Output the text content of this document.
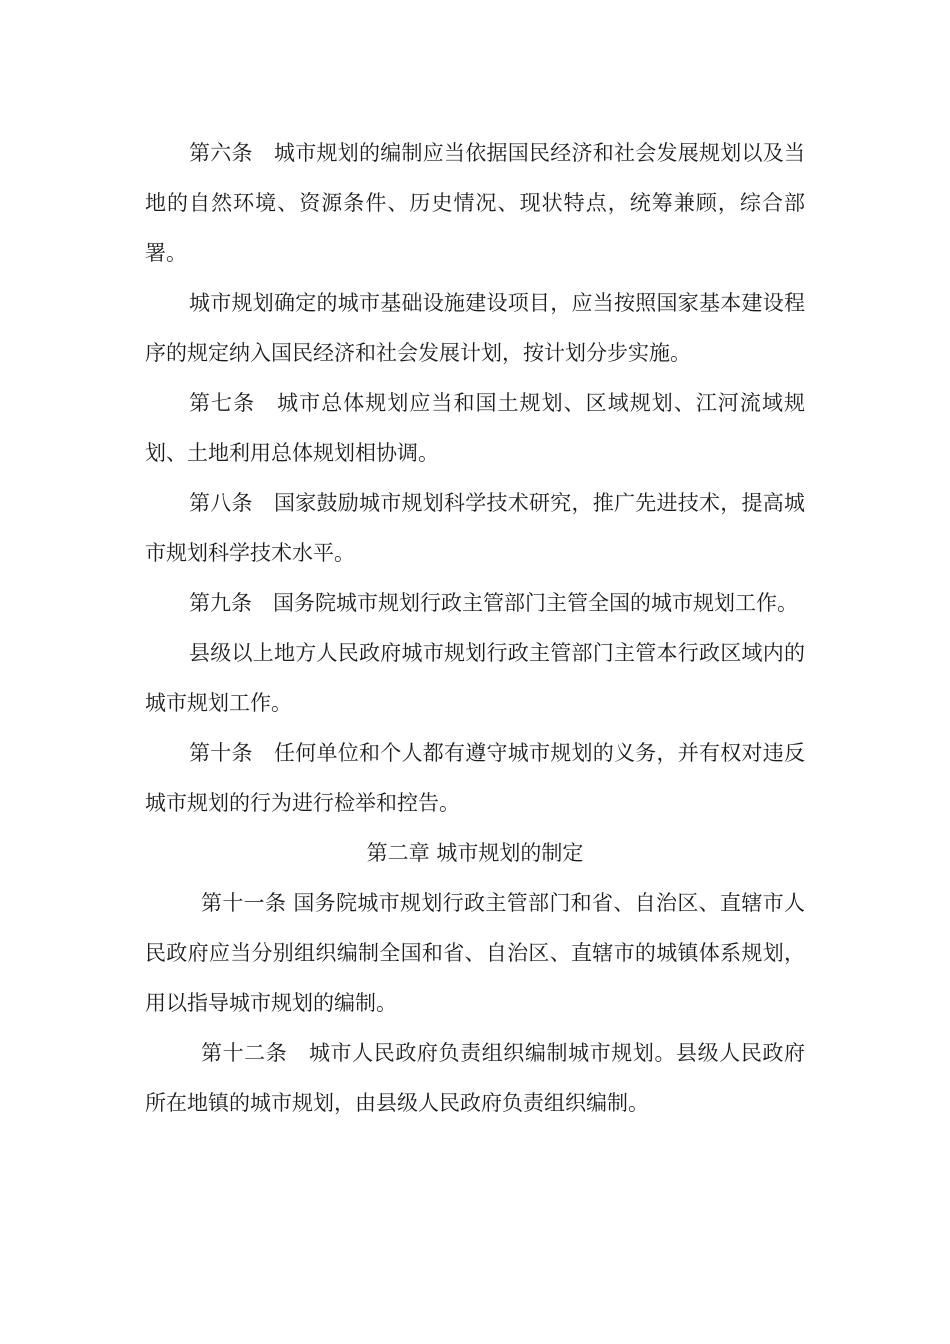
第六条　城市规划的编制应当依据国民经济和社会发展规划以及当地的自然环境、资源条件、历史情况、现状特点，统筹兼顾，综合部署。

城市规划确定的城市基础设施建设项目，应当按照国家基本建设程序的规定纳入国民经济和社会发展计划，按计划分步实施。

第七条　城市总体规划应当和国土规划、区域规划、江河流域规划、土地利用总体规划相协调。

第八条　国家鼓励城市规划科学技术研究，推广先进技术，提高城市规划科学技术水平。

第九条　国务院城市规划行政主管部门主管全国的城市规划工作。

县级以上地方人民政府城市规划行政主管部门主管本行政区域内的城市规划工作。

第十条　任何单位和个人都有遵守城市规划的义务，并有权对违反城市规划的行为进行检举和控告。

第二章 城市规划的制定

第十一条 国务院城市规划行政主管部门和省、自治区、直辖市人民政府应当分别组织编制全国和省、自治区、直辖市的城镇体系规划，用以指导城市规划的编制。

第十二条　城市人民政府负责组织编制城市规划。县级人民政府所在地镇的城市规划，由县级人民政府负责组织编制。
